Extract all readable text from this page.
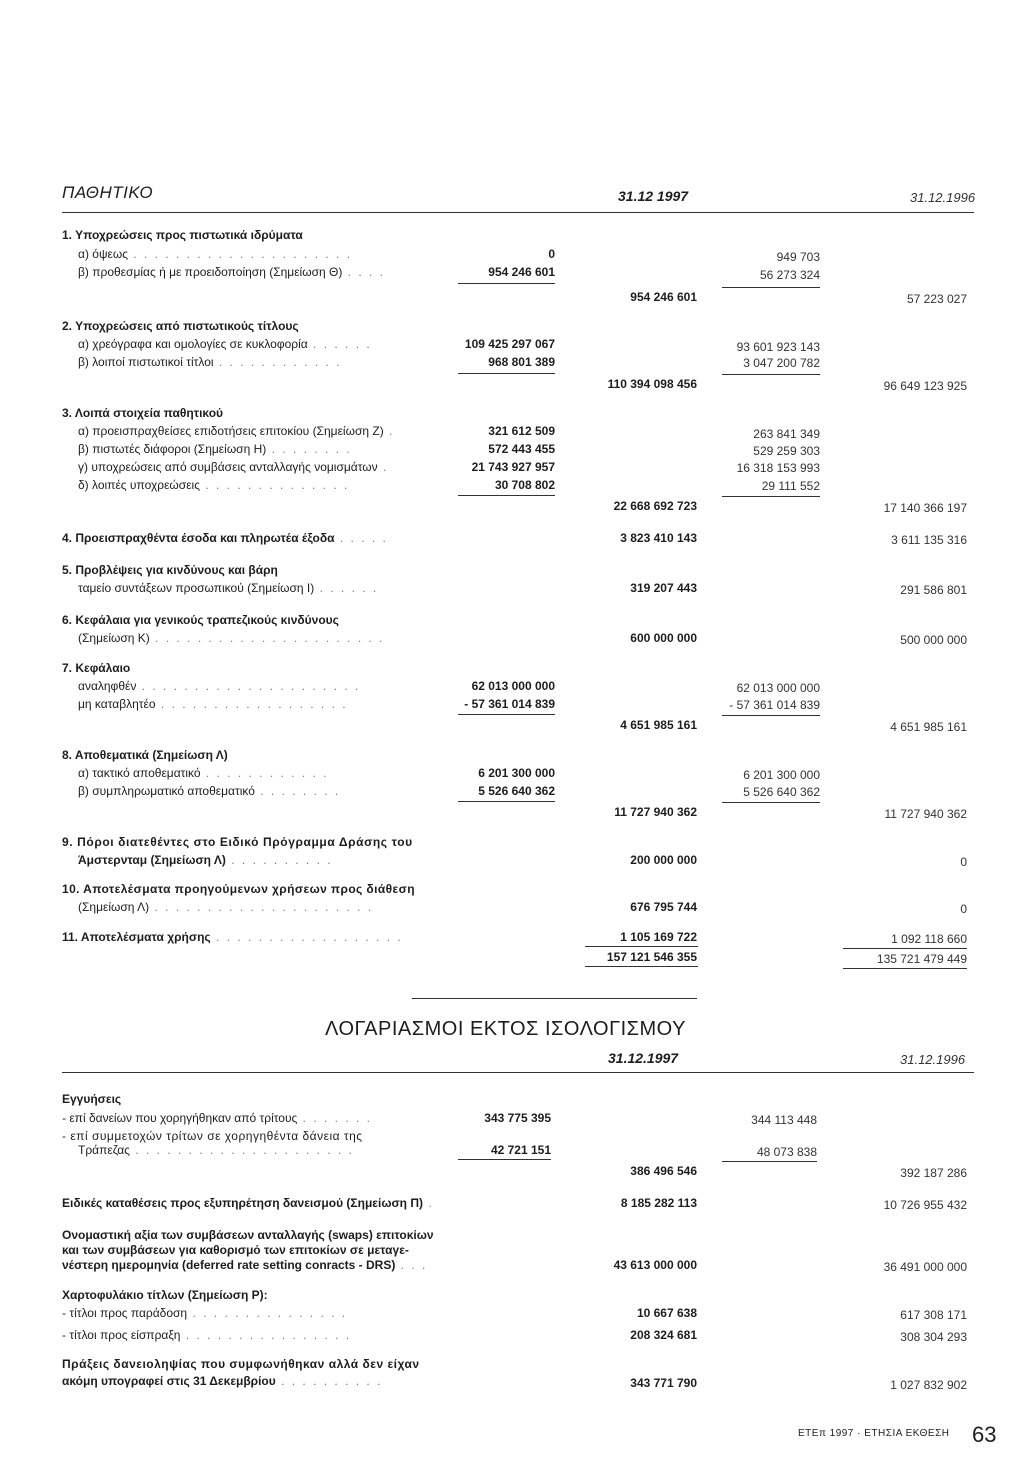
ΠΑΘΗΤΙΚΟ	31.12 1997	31.12.1996
1. Υποχρεώσεις προς πιστωτικά ιδρύματα
α) όψεως . . . . . . . . . . . . . . . . . . . . .	0	949 703
β) προθεσμίας ή με προειδοποίηση (Σημείωση Θ) . . . .	954 246 601	56 273 324
954 246 601	57 223 027
2. Υποχρεώσεις από πιστωτικούς τίτλους
α) χρεόγραφα και ομολογίες σε κυκλοφορία . . . . . .	109 425 297 067	93 601 923 143
β) λοιποί πιστωτικοί τίτλοι . . . . . . . . . . . .	968 801 389	3 047 200 782
110 394 098 456	96 649 123 925
3. Λοιπά στοιχεία παθητικού
α) προεισπραχθείσες επιδοτήσεις επιτοκίου (Σημείωση Ζ) .	321 612 509	263 841 349
β) πιστωτές διάφοροι (Σημείωση Η) . . . . . . . .	572 443 455	529 259 303
γ) υποχρεώσεις από συμβάσεις ανταλλαγής νομισμάτων .	21 743 927 957	16 318 153 993
δ) λοιπές υποχρεώσεις . . . . . . . . . . . . . .	30 708 802	29 111 552
22 668 692 723	17 140 366 197
4. Προεισπραχθέντα έσοδα και πληρωτέα έξοδα . . . . .	3 823 410 143	3 611 135 316
5. Προβλέψεις για κινδύνους και βάρη
ταμείο συντάξεων προσωπικού (Σημείωση Ι) . . . . . .	319 207 443	291 586 801
6. Κεφάλαια για γενικούς τραπεζικούς κινδύνους
(Σημείωση Κ) . . . . . . . . . . . . . . . . . . . . . .	600 000 000	500 000 000
7. Κεφάλαιο
αναληφθέν . . . . . . . . . . . . . . . . . . . . .	62 013 000 000	62 013 000 000
μη καταβλητέο . . . . . . . . . . . . . . . . . .	- 57 361 014 839	- 57 361 014 839
4 651 985 161	4 651 985 161
8. Αποθεματικά (Σημείωση Λ)
α) τακτικό αποθεματικό . . . . . . . . . . . .	6 201 300 000	6 201 300 000
β) συμπληρωματικό αποθεματικό . . . . . . . .	5 526 640 362	5 526 640 362
11 727 940 362	11 727 940 362
9. Πόροι διατεθέντες στο Ειδικό Πρόγραμμα Δράσης του
Άμστερνταμ (Σημείωση Λ) . . . . . . . . . .	200 000 000	0
10. Αποτελέσματα προηγούμενων χρήσεων προς διάθεση
(Σημείωση Λ) . . . . . . . . . . . . . . . . . . . . .	676 795 744	0
11. Αποτελέσματα χρήσης . . . . . . . . . . . . . . . . . .	1 105 169 722	1 092 118 660
157 121 546 355	135 721 479 449
ΛΟΓΑΡΙΑΣΜΟΙ ΕΚΤΟΣ ΙΣΟΛΟΓΙΣΜΟΥ
31.12.1997	31.12.1996
Εγγυήσεις
- επί δανείων που χορηγήθηκαν από τρίτους . . . . . . .	343 775 395	344 113 448
- επί συμμετοχών τρίτων σε χορηγηθέντα δάνεια της
Τράπεζας . . . . . . . . . . . . . . . . . . . . .	42 721 151	48 073 838
386 496 546	392 187 286
Ειδικές καταθέσεις προς εξυπηρέτηση δανεισμού (Σημείωση Π) .	8 185 282 113	10 726 955 432
Ονομαστική αξία των συμβάσεων ανταλλαγής (swaps) επιτοκίων
και των συμβάσεων για καθορισμό των επιτοκίων σε μεταγε-
νέστερη ημερομηνία (deferred rate setting conracts - DRS) . . .	43 613 000 000	36 491 000 000
Χαρτοφυλάκιο τίτλων (Σημείωση Ρ):
- τίτλοι προς παράδοση . . . . . . . . . . . . . . .	10 667 638	617 308 171
- τίτλοι προς είσπραξη . . . . . . . . . . . . . . . .	208 324 681	308 304 293
Πράξεις δανειοληψίας που συμφωνήθηκαν αλλά δεν είχαν
ακόμη υπογραφεί στις 31 Δεκεμβρίου . . . . . . . . . .	343 771 790	1 027 832 902
ΕΤΕπ 1997 · ΕΤΗΣΙΑ ΕΚΘΕΣΗ 63
